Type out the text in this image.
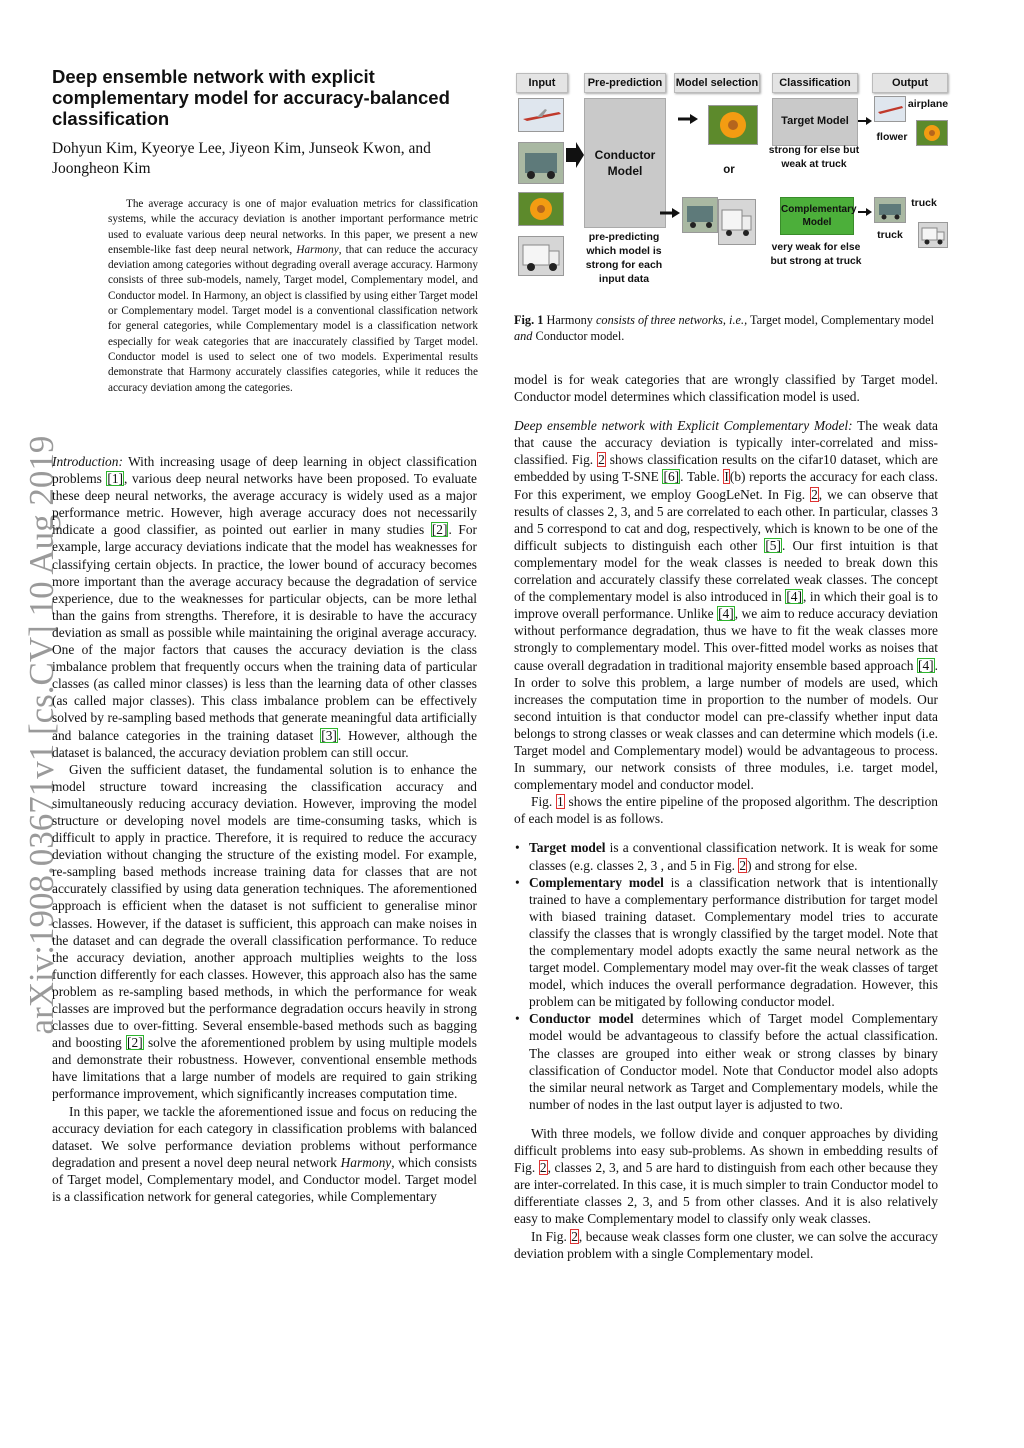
arXiv:1908.03671v1 [cs.CV] 10 Aug 2019
Deep ensemble network with explicit complementary model for accuracy-balanced classification
Dohyun Kim, Kyeorye Lee, Jiyeon Kim, Junseok Kwon, and Joongheon Kim

The average accuracy is one of major evaluation metrics for classification systems, while the accuracy deviation is another important performance metric used to evaluate various deep neural networks. In this paper, we present a new ensemble-like fast deep neural network, Harmony, that can reduce the accuracy deviation among categories without degrading overall average accuracy. Harmony consists of three sub-models, namely, Target model, Complementary model, and Conductor model. In Harmony, an object is classified by using either Target model or Complementary model. Target model is a conventional classification network for general categories, while Complementary model is a classification network especially for weak categories that are inaccurately classified by Target model. Conductor model is used to select one of two models. Experimental results demonstrate that Harmony accurately classifies categories, while it reduces the accuracy deviation among the categories.

Introduction: With increasing usage of deep learning in object classification problems [1], various deep neural networks have been proposed. To evaluate these deep neural networks, the average accuracy is widely used as a major performance metric. However, high average accuracy does not necessarily indicate a good classifier, as pointed out earlier in many studies [2]. For example, large accuracy deviations indicate that the model has weaknesses for classifying certain objects. In practice, the lower bound of accuracy becomes more important than the average accuracy because the degradation of service experience, due to the weaknesses for particular objects, can be more lethal than the gains from strengths. Therefore, it is desirable to have the accuracy deviation as small as possible while maintaining the original average accuracy. One of the major factors that causes the accuracy deviation is the class imbalance problem that frequently occurs when the training data of particular classes (as called minor classes) is less than the learning data of other classes (as called major classes). This class imbalance problem can be effectively solved by re-sampling based methods that generate meaningful data artificially and balance categories in the training dataset [3]. However, although the dataset is balanced, the accuracy deviation problem can still occur.

Given the sufficient dataset, the fundamental solution is to enhance the model structure toward increasing the classification accuracy and simultaneously reducing accuracy deviation. However, improving the model structure or developing novel models are time-consuming tasks, which is difficult to apply in practice. Therefore, it is required to reduce the accuracy deviation without changing the structure of the existing model. For example, re-sampling based methods increase training data for classes that are not accurately classified by using data generation techniques. The aforementioned approach is efficient when the dataset is not sufficient to generalise minor classes. However, if the dataset is sufficient, this approach can make noises in the dataset and can degrade the overall classification performance. To reduce the accuracy deviation, another approach multiplies weights to the loss function differently for each classes. However, this approach also has the same problem as re-sampling based methods, in which the performance for weak classes are improved but the performance degradation occurs heavily in strong classes due to over-fitting. Several ensemble-based methods such as bagging and boosting [2] solve the aforementioned problem by using multiple models and demonstrate their robustness. However, conventional ensemble methods have limitations that a large number of models are required to gain striking performance improvement, which significantly increases computation time.

In this paper, we tackle the aforementioned issue and focus on reducing the accuracy deviation for each category in classification problems with balanced dataset. We solve performance deviation problems without performance degradation and present a novel deep neural network Harmony, which consists of Target model, Complementary model, and Conductor model. Target model is a classification network for general categories, while Complementary

Input	Pre-prediction	Model selection	Classification	Output
Conductor Model
pre-predicting which model is strong for each input data
or
Target Model
strong for else but weak at truck
Complementary Model
very weak for else but strong at truck
airplane
flower
truck
truck
Fig. 1 Harmony consists of three networks, i.e., Target model, Complementary model and Conductor model.

model is for weak categories that are wrongly classified by Target model. Conductor model determines which classification model is used.

Deep ensemble network with Explicit Complementary Model: The weak data that cause the accuracy deviation is typically inter-correlated and miss-classified. Fig. 2 shows classification results on the cifar10 dataset, which are embedded by using T-SNE [6]. Table. I(b) reports the accuracy for each class. For this experiment, we employ GoogLeNet. In Fig. 2, we can observe that results of classes 2, 3, and 5 are correlated to each other. In particular, classes 3 and 5 correspond to cat and dog, respectively, which is known to be one of the difficult subjects to distinguish each other [5]. Our first intuition is that complementary model for the weak classes is needed to break down this correlation and accurately classify these correlated weak classes. The concept of the complementary model is also introduced in [4], in which their goal is to improve overall performance. Unlike [4], we aim to reduce accuracy deviation without performance degradation, thus we have to fit the weak classes more strongly to complementary model. This over-fitted model works as noises that cause overall degradation in traditional majority ensemble based approach [4]. In order to solve this problem, a large number of models are used, which increases the computation time in proportion to the number of models. Our second intuition is that conductor model can pre-classify whether input data belongs to strong classes or weak classes and can determine which models (i.e. Target model and Complementary model) would be advantageous to process. In summary, our network consists of three modules, i.e. target model, complementary model and conductor model.

Fig. 1 shows the entire pipeline of the proposed algorithm. The description of each model is as follows.

• Target model is a conventional classification network. It is weak for some classes (e.g. classes 2, 3 , and 5 in Fig. 2) and strong for else.
• Complementary model is a classification network that is intentionally trained to have a complementary performance distribution for target model with biased training dataset. Complementary model tries to accurate classify the classes that is wrongly classified by the target model. Note that the complementary model adopts exactly the same neural network as the target model. Complementary model may over-fit the weak classes of target model, which induces the overall performance degradation. However, this problem can be mitigated by following conductor model.
• Conductor model determines which of Target model Complementary model would be advantageous to classify before the actual classification. The classes are grouped into either weak or strong classes by binary classification of Conductor model. Note that Conductor model also adopts the similar neural network as Target and Complementary models, while the number of nodes in the last output layer is adjusted to two.

With three models, we follow divide and conquer approaches by dividing difficult problems into easy sub-problems. As shown in embedding results of Fig. 2, classes 2, 3, and 5 are hard to distinguish from each other because they are inter-correlated. In this case, it is much simpler to train Conductor model to differentiate classes 2, 3, and 5 from other classes. And it is also relatively easy to make Complementary model to classify only weak classes.

In Fig. 2, because weak classes form one cluster, we can solve the accuracy deviation problem with a single Complementary model.
